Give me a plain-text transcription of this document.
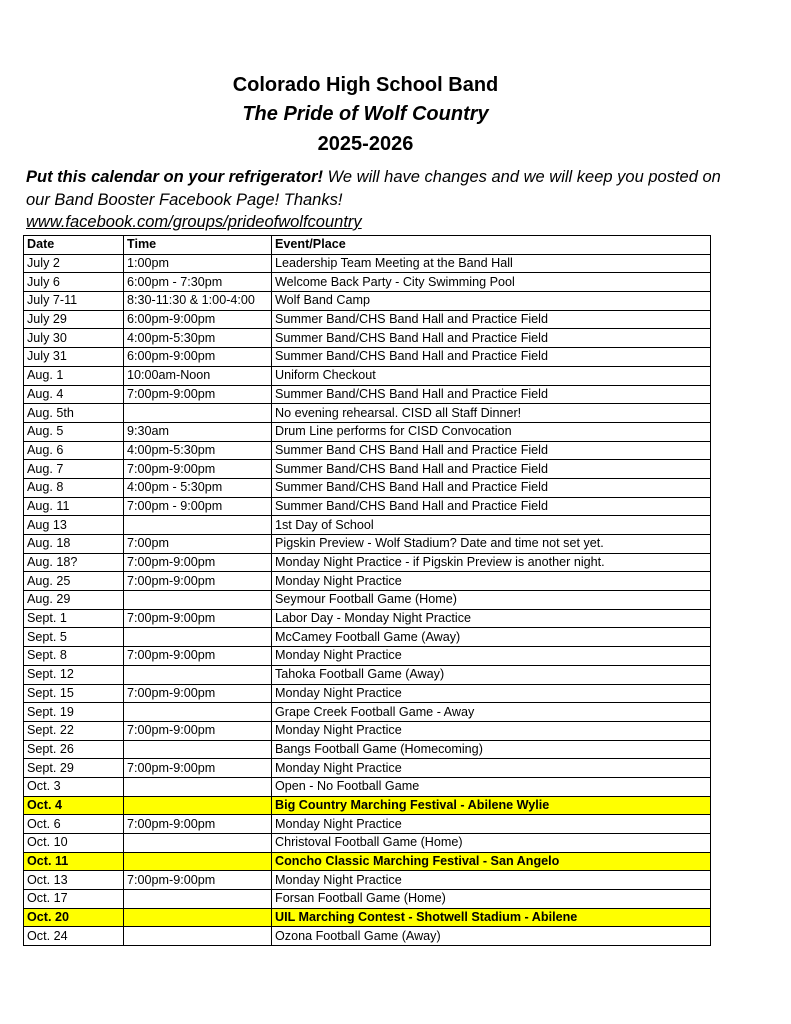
Colorado High School Band
The Pride of Wolf Country
2025-2026
Put this calendar on your refrigerator! We will have changes and we will keep you posted on our Band Booster Facebook Page! Thanks!
www.facebook.com/groups/prideofwolfcountry
Date	Time	Event/Place
July 2	1:00pm	Leadership Team Meeting at the Band Hall
July 6	6:00pm - 7:30pm	Welcome Back Party - City Swimming Pool
July 7-11	8:30-11:30 & 1:00-4:00	Wolf Band Camp
July 29	6:00pm-9:00pm	Summer Band/CHS Band Hall and Practice Field
July 30	4:00pm-5:30pm	Summer Band/CHS Band Hall and Practice Field
July 31	6:00pm-9:00pm	Summer Band/CHS Band Hall and Practice Field
Aug. 1	10:00am-Noon	Uniform Checkout
Aug. 4	7:00pm-9:00pm	Summer Band/CHS Band Hall and Practice Field
Aug. 5th		No evening rehearsal. CISD all Staff Dinner!
Aug. 5	9:30am	Drum Line performs for CISD Convocation
Aug. 6	4:00pm-5:30pm	Summer Band CHS Band Hall and Practice Field
Aug. 7	7:00pm-9:00pm	Summer Band/CHS Band Hall and Practice Field
Aug. 8	4:00pm - 5:30pm	Summer Band/CHS Band Hall and Practice Field
Aug. 11	7:00pm - 9:00pm	Summer Band/CHS Band Hall and Practice Field
Aug 13		1st Day of School
Aug. 18	7:00pm	Pigskin Preview - Wolf Stadium? Date and time not set yet.
Aug. 18?	7:00pm-9:00pm	Monday Night Practice - if Pigskin Preview is another night.
Aug. 25	7:00pm-9:00pm	Monday Night Practice
Aug. 29		Seymour Football Game (Home)
Sept. 1	7:00pm-9:00pm	Labor Day - Monday Night Practice
Sept. 5		McCamey Football Game (Away)
Sept. 8	7:00pm-9:00pm	Monday Night Practice
Sept. 12		Tahoka Football Game (Away)
Sept. 15	7:00pm-9:00pm	Monday Night Practice
Sept. 19		Grape Creek Football Game - Away
Sept. 22	7:00pm-9:00pm	Monday Night Practice
Sept. 26		Bangs Football Game (Homecoming)
Sept. 29	7:00pm-9:00pm	Monday Night Practice
Oct. 3		Open - No Football Game
Oct. 4		Big Country Marching Festival - Abilene Wylie
Oct. 6	7:00pm-9:00pm	Monday Night Practice
Oct. 10		Christoval Football Game (Home)
Oct. 11		Concho Classic Marching Festival - San Angelo
Oct. 13	7:00pm-9:00pm	Monday Night Practice
Oct. 17		Forsan Football Game (Home)
Oct. 20		UIL Marching Contest - Shotwell Stadium - Abilene
Oct. 24		Ozona Football Game (Away)
